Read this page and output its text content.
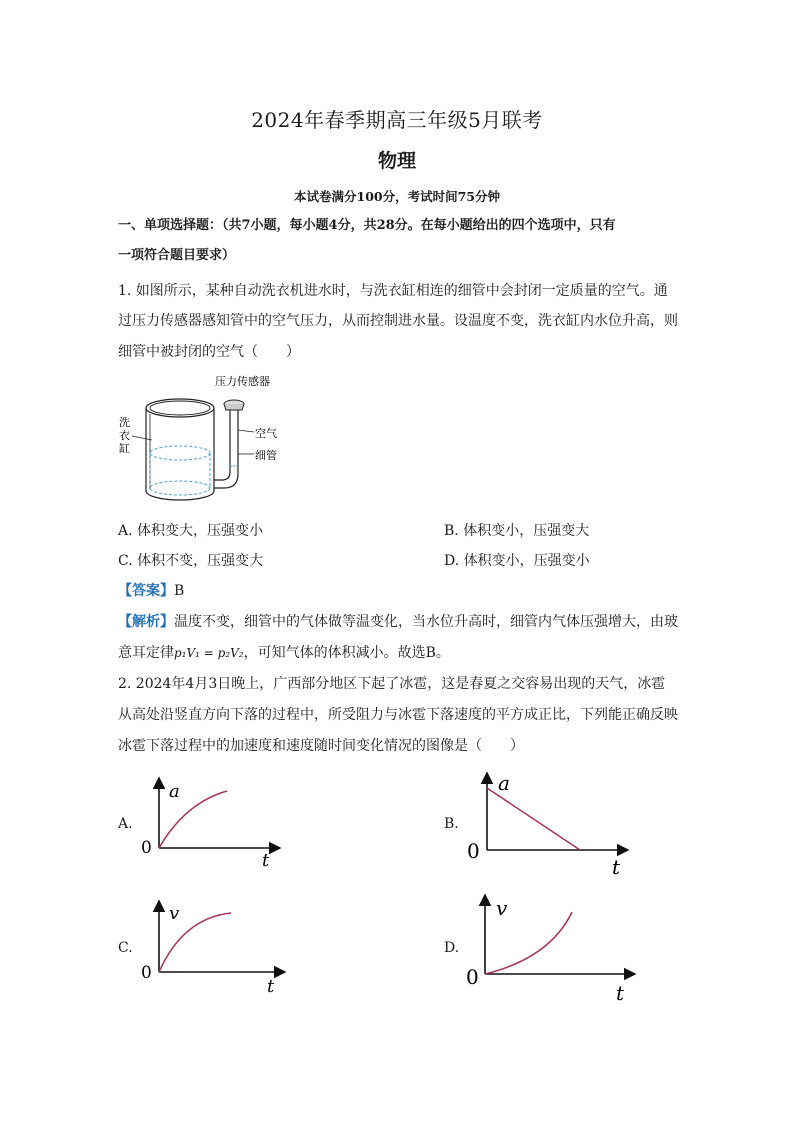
2024年春季期高三年级5月联考
物理
本试卷满分100分，考试时间75分钟
一、单项选择题：（共7小题，每小题4分，共28分。在每小题给出的四个选项中，只有
一项符合题目要求）
1. 如图所示，某种自动洗衣机进水时，与洗衣缸相连的细管中会封闭一定质量的空气。通
过压力传感器感知管中的空气压力，从而控制进水量。设温度不变，洗衣缸内水位升高，则
细管中被封闭的空气（　　）
压力传感器
洗
衣
缸
空气
细管
A. 体积变大，压强变小	B. 体积变小，压强变大
C. 体积不变，压强变大	D. 体积变小，压强变小
【答案】B
【解析】温度不变，细管中的气体做等温变化，当水位升高时，细管内气体压强增大，由玻
意耳定律p₁V₁ = p₂V₂，可知气体的体积减小。故选B。
2. 2024年4月3日晚上，广西部分地区下起了冰雹，这是春夏之交容易出现的天气，冰雹
从高处沿竖直方向下落的过程中，所受阻力与冰雹下落速度的平方成正比，下列能正确反映
冰雹下落过程中的加速度和速度随时间变化情况的图像是（　　）
A.
a
0
t
B.
a
0
t
C.
v
0
t
D.
v
0
t
